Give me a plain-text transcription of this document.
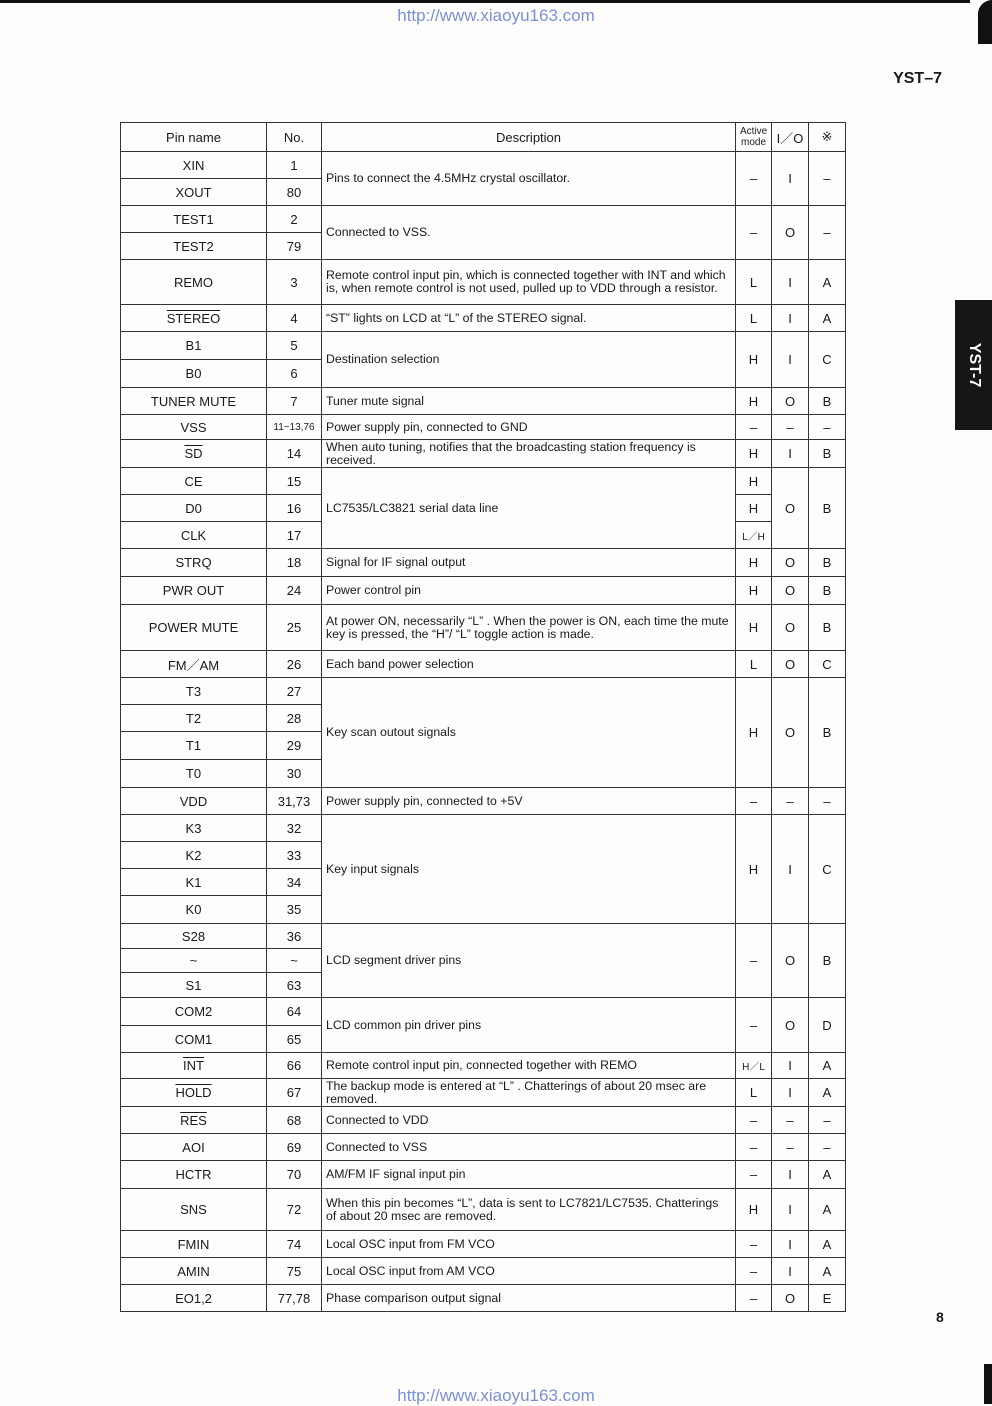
http://www.xiaoyu163.com
YST–7
YST-7
Pin name	No.	Description	Active mode	I／O	※
XIN	1	Pins to connect the 4.5MHz crystal oscillator.	–	I	–
XOUT	80				
TEST1	2	Connected to VSS.	–	O	–
TEST2	79				
REMO	3	Remote control input pin, which is connected together with INT and which is, when remote control is not used, pulled up to VDD through a resistor.	L	I	A
STEREO	4	“ST” lights on LCD at “L” of the STEREO signal.	L	I	A
B1	5	Destination selection	H	I	C
B0	6				
TUNER MUTE	7	Tuner mute signal	H	O	B
VSS	11~13,76	Power supply pin, connected to GND	–	–	–
$\overline{SD}$	14	When auto tuning, notifies that the broadcasting station frequency is received.	H	I	B
CE	15	LC7535/LC3821 serial data line	H	O	B
D0	16		H		
CLK	17		L／H		
STRQ	18	Signal for IF signal output	H	O	B
PWR OUT	24	Power control pin	H	O	B
POWER MUTE	25	At power ON, necessarily “L” . When the power is ON, each time the mute key is pressed, the “H”/ “L” toggle action is made.	H	O	B
FM／AM	26	Each band power selection	L	O	C
T3	27	Key scan outout signals	H	O	B
T2	28				
T1	29				
T0	30				
VDD	31,73	Power supply pin, connected to +5V	–	–	–
K3	32	Key input signals	H	I	C
K2	33				
K1	34				
K0	35				
S28	36	LCD segment driver pins	–	O	B
~	~				
S1	63				
COM2	64	LCD common pin driver pins	–	O	D
COM1	65				
$\overline{INT}$	66	Remote control input pin, connected together with REMO	H／L	I	A
HOLD	67	The backup mode is entered at “L” . Chatterings of about 20 msec are removed.	L	I	A
$\overline{RES}$	68	Connected to VDD	–	–	–
AOI	69	Connected to VSS	–	–	–
HCTR	70	AM/FM IF signal input pin	–	I	A
SNS	72	When this pin becomes “L”, data is sent to LC7821/LC7535. Chatterings of about 20 msec are removed.	H	I	A
FMIN	74	Local OSC input from FM VCO	–	I	A
AMIN	75	Local OSC input from AM VCO	–	I	A
EO1,2	77,78	Phase comparison output signal	–	O	E
http://www.xiaoyu163.com
8
